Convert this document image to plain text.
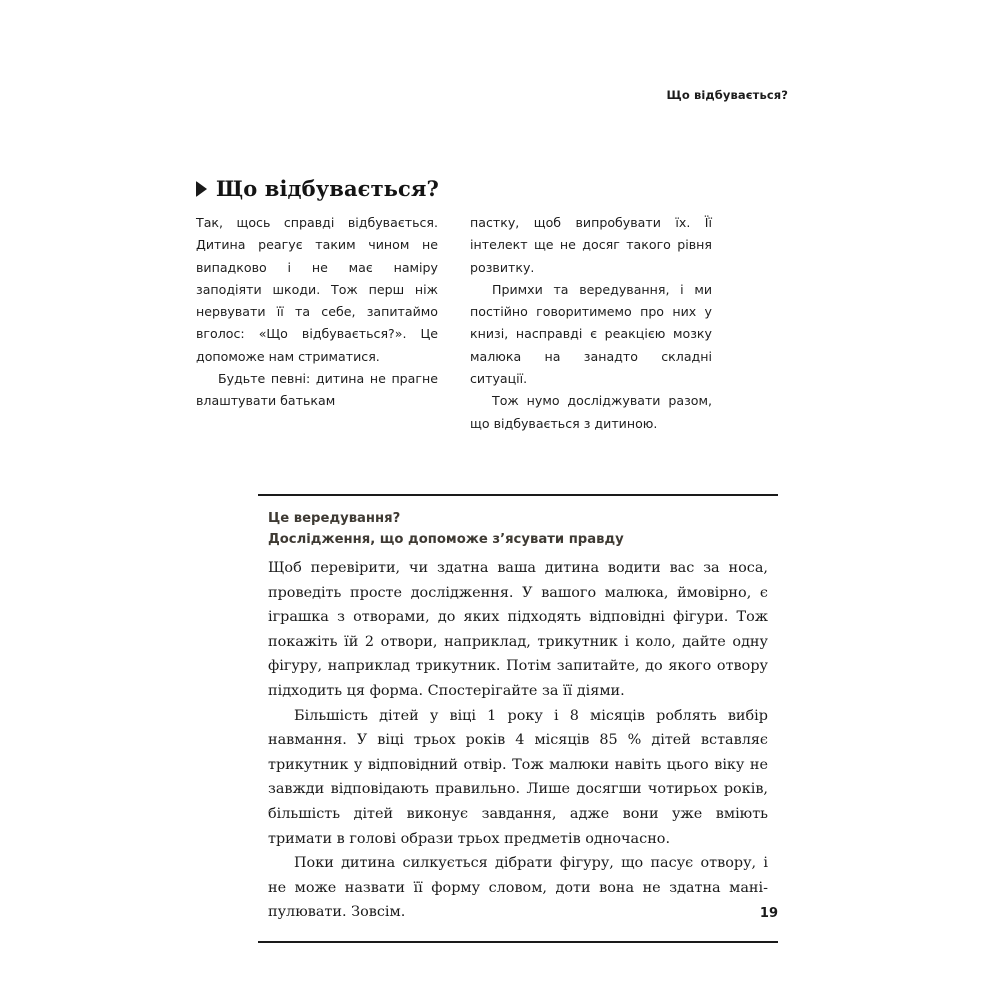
Що відбувається?
Що відбувається?

Так, щось справді відбувається. Дитина реагує таким чином не випадково і не має наміру заподіяти шкоди. Тож перш ніж нервувати її та себе, запитаймо вголос: «Що відбувається?». Це допоможе нам стриматися.

Будьте певні: дитина не прагне влаштувати батькам

пастку, щоб випробувати їх. Її інтелект ще не досяг такого рівня розвитку.

Примхи та вередування, і ми постійно говоритимемо про них у книзі, насправді є реакцією мозку малюка на занадто складні ситуації.

Тож нумо досліджувати разом, що відбувається з дитиною.

Це вередування?

Дослідження, що допоможе з’ясувати правду

Щоб перевірити, чи здатна ваша дитина водити вас за носа, проведіть просте дослідження. У вашого малюка, ймовірно, є іграшка з отворами, до яких підходять відповідні фігури. Тож покажіть їй 2 отвори, наприклад, трикутник і коло, дайте одну фігуру, наприклад трикутник. Потім запитайте, до якого отвору підходить ця форма. Спостерігайте за її діями.

Більшість дітей у віці 1 року і 8 місяців роблять вибір навмання. У віці трьох років 4 місяців 85 % дітей вставляє трикутник у відповідний отвір. Тож малюки навіть цього віку не завжди відповідають правильно. Лише досягши чотирьох років, більшість дітей виконує завдання, адже вони уже вміють тримати в голові образи трьох предметів одночасно.

Поки дитина силкується дібрати фігуру, що пасує отвору, і не може назвати її форму словом, доти вона не здатна маніпулювати. Зовсім.	19
